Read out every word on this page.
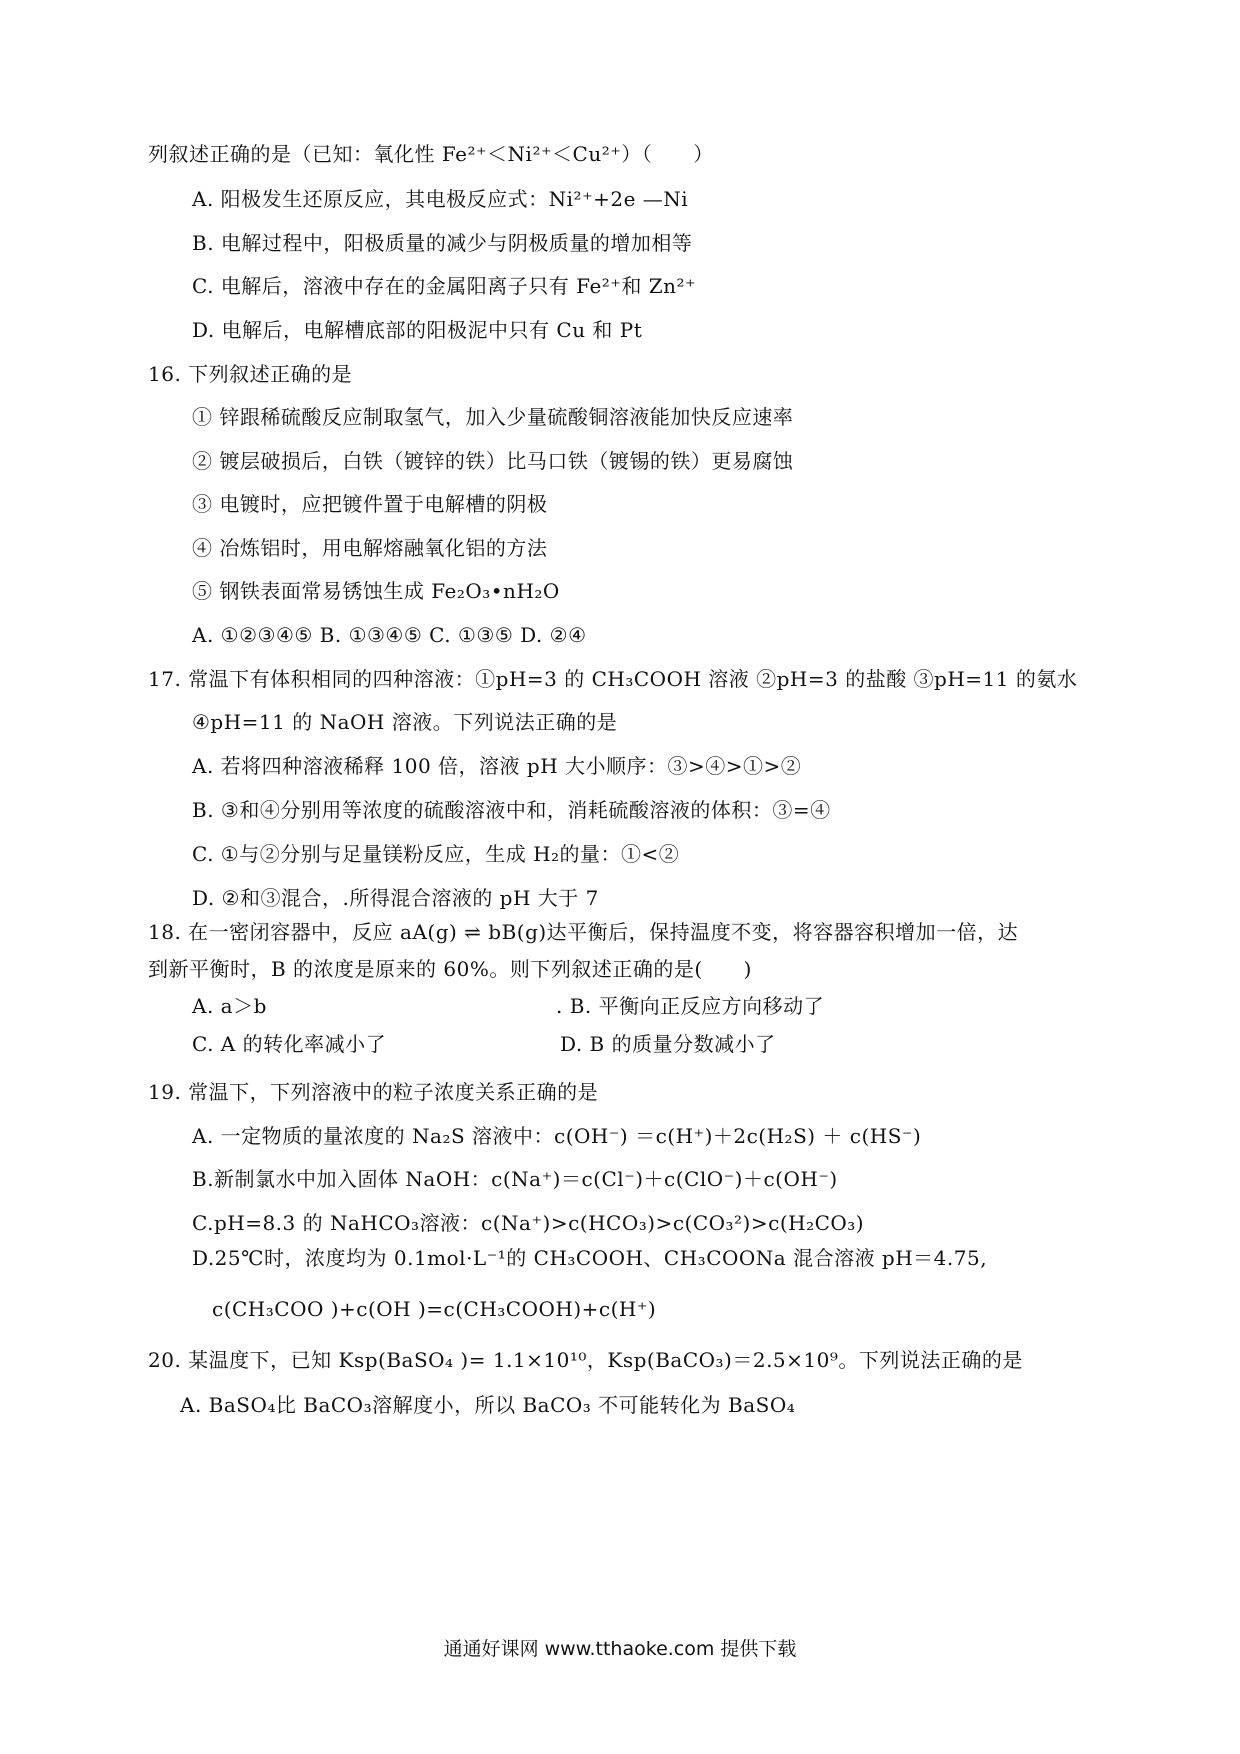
列叙述正确的是（已知：氧化性 Fe²⁺＜Ni²⁺＜Cu²⁺）（　　）
A. 阳极发生还原反应，其电极反应式：Ni²⁺+2e —Ni
B. 电解过程中，阳极质量的减少与阴极质量的增加相等
C. 电解后，溶液中存在的金属阳离子只有 Fe²⁺和 Zn²⁺
D. 电解后，电解槽底部的阳极泥中只有 Cu 和 Pt
16. 下列叙述正确的是
① 锌跟稀硫酸反应制取氢气，加入少量硫酸铜溶液能加快反应速率
② 镀层破损后，白铁（镀锌的铁）比马口铁（镀锡的铁）更易腐蚀
③ 电镀时，应把镀件置于电解槽的阴极
④ 冶炼铝时，用电解熔融氧化铝的方法
⑤ 钢铁表面常易锈蚀生成 Fe₂O₃•nH₂O
A. ①②③④⑤ B. ①③④⑤ C. ①③⑤ D. ②④
17. 常温下有体积相同的四种溶液：①pH=3 的 CH₃COOH 溶液 ②pH=3 的盐酸 ③pH=11 的氨水
④pH=11 的 NaOH 溶液。下列说法正确的是
A. 若将四种溶液稀释 100 倍，溶液 pH 大小顺序：③>④>①>②
B. ③和④分别用等浓度的硫酸溶液中和，消耗硫酸溶液的体积：③=④
C. ①与②分别与足量镁粉反应，生成 H₂的量：①<②
D. ②和③混合，.所得混合溶液的 pH 大于 7
18. 在一密闭容器中，反应 aA(g) ⇌ bB(g)达平衡后，保持温度不变，将容器容积增加一倍，达
到新平衡时，B 的浓度是原来的 60%。则下列叙述正确的是(　　)
A. a＞b	. B. 平衡向正反应方向移动了
C. A 的转化率减小了	D. B 的质量分数减小了
19. 常温下，下列溶液中的粒子浓度关系正确的是
A. 一定物质的量浓度的 Na₂S 溶液中：c(OH⁻) ＝c(H⁺)＋2c(H₂S) ＋ c(HS⁻)
B.新制氯水中加入固体 NaOH：c(Na⁺)＝c(Cl⁻)＋c(ClO⁻)＋c(OH⁻)
C.pH=8.3 的 NaHCO₃溶液：c(Na⁺)>c(HCO₃)>c(CO₃²)>c(H₂CO₃)
D.25℃时，浓度均为 0.1mol·L⁻¹的 CH₃COOH、CH₃COONa 混合溶液 pH＝4.75,
c(CH₃COO )+c(OH )=c(CH₃COOH)+c(H⁺)
20. 某温度下，已知 Ksp(BaSO₄ )= 1.1×10¹⁰，Ksp(BaCO₃)＝2.5×10⁹。下列说法正确的是
A. BaSO₄比 BaCO₃溶解度小，所以 BaCO₃ 不可能转化为 BaSO₄
通通好课网 www.tthaoke.com 提供下载
